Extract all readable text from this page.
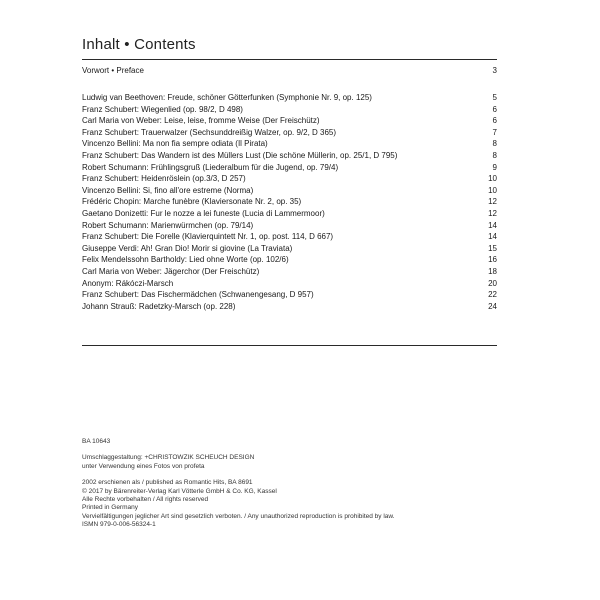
Inhalt • Contents
Vorwort • Preface	3
Ludwig van Beethoven: Freude, schöner Götterfunken (Symphonie Nr. 9, op. 125)	5
Franz Schubert: Wiegenlied (op. 98/2, D 498)	6
Carl Maria von Weber: Leise, leise, fromme Weise (Der Freischütz)	6
Franz Schubert: Trauerwalzer (Sechsunddreißig Walzer, op. 9/2, D 365)	7
Vincenzo Bellini: Ma non fia sempre odiata (Il Pirata)	8
Franz Schubert: Das Wandern ist des Müllers Lust (Die schöne Müllerin, op. 25/1, D 795)	8
Robert Schumann: Frühlingsgruß (Liederalbum für die Jugend, op. 79/4)	9
Franz Schubert: Heidenröslein (op.3/3, D 257)	10
Vincenzo Bellini: Si, fino all'ore estreme (Norma)	10
Frédéric Chopin: Marche funèbre (Klaviersonate Nr. 2, op. 35)	12
Gaetano Donizetti: Fur le nozze a lei funeste (Lucia di Lammermoor)	12
Robert Schumann: Marienwürmchen (op. 79/14)	14
Franz Schubert: Die Forelle (Klavierquintett Nr. 1, op. post. 114, D 667)	14
Giuseppe Verdi: Ah! Gran Dio! Morir si giovine (La Traviata)	15
Felix Mendelssohn Bartholdy: Lied ohne Worte (op. 102/6)	16
Carl Maria von Weber: Jägerchor (Der Freischütz)	18
Anonym: Rákóczi-Marsch	20
Franz Schubert: Das Fischermädchen (Schwanengesang, D 957)	22
Johann Strauß: Radetzky-Marsch (op. 228)	24
BA 10643
Umschlaggestaltung: +CHRISTOWZIK SCHEUCH DESIGN
unter Verwendung eines Fotos von profeta
2002 erschienen als / published as Romantic Hits, BA 8691
© 2017 by Bärenreiter-Verlag Karl Vötterle GmbH & Co. KG, Kassel
Alle Rechte vorbehalten / All rights reserved
Printed in Germany
Vervielfältigungen jeglicher Art sind gesetzlich verboten. / Any unauthorized reproduction is prohibited by law.
ISMN 979-0-006-56324-1
